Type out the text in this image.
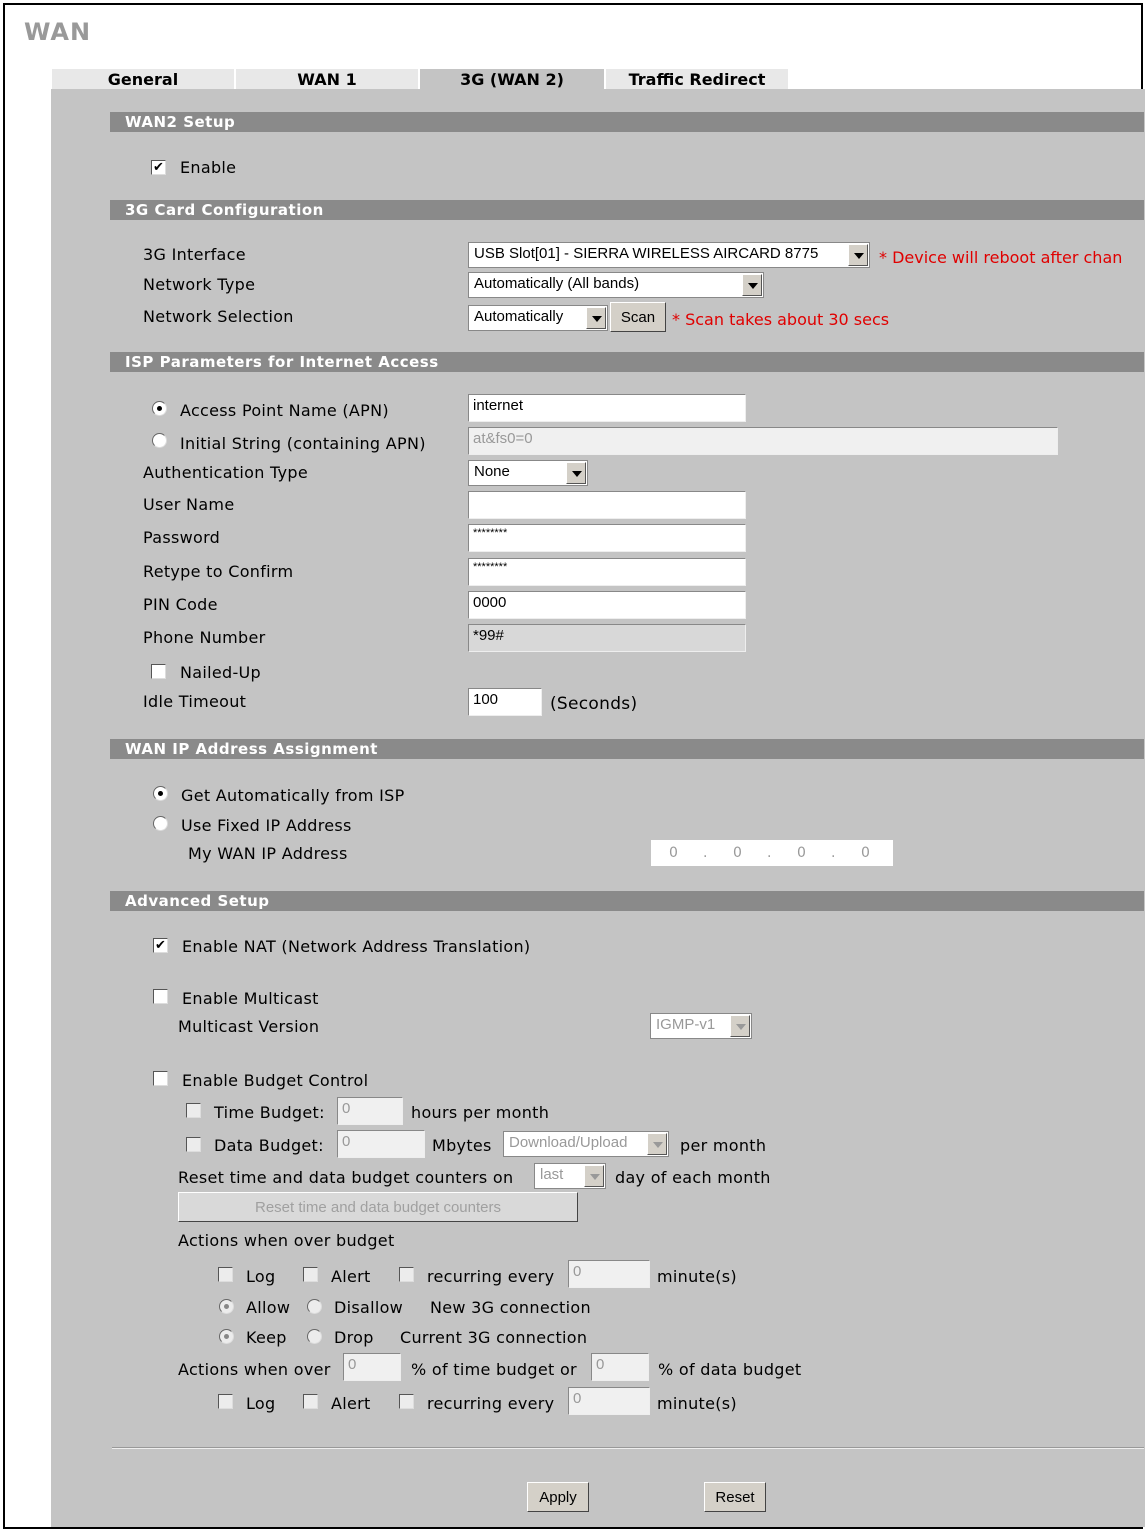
WAN
General	WAN 1	3G (WAN 2)	Traffic Redirect
WAN2 Setup
✔ Enable
3G Card Configuration
3G Interface	USB Slot[01] - SIERRA WIRELESS AIRCARD 8775	* Device will reboot after chan
Network Type	Automatically (All bands)
Network Selection	Automatically	Scan	* Scan takes about 30 secs
ISP Parameters for Internet Access
Access Point Name (APN)	internet
Initial String (containing APN)	at&fs0=0
Authentication Type	None
User Name
Password	********
Retype to Confirm	********
PIN Code	0000
Phone Number	*99#
Nailed-Up
Idle Timeout	100	(Seconds)
WAN IP Address Assignment
Get Automatically from ISP
Use Fixed IP Address
My WAN IP Address	0 . 0 . 0 . 0
Advanced Setup
✔ Enable NAT (Network Address Translation)
Enable Multicast
Multicast Version	IGMP-v1
Enable Budget Control
Time Budget:	0	hours per month
Data Budget:	0	Mbytes	Download/Upload	per month
Reset time and data budget counters on	last	day of each month
Reset time and data budget counters
Actions when over budget
Log	Alert	recurring every	0	minute(s)
Allow	Disallow New 3G connection
Keep	Drop Current 3G connection
Actions when over	0	% of time budget or	0	% of data budget
Log	Alert	recurring every	0	minute(s)
Apply	Reset
